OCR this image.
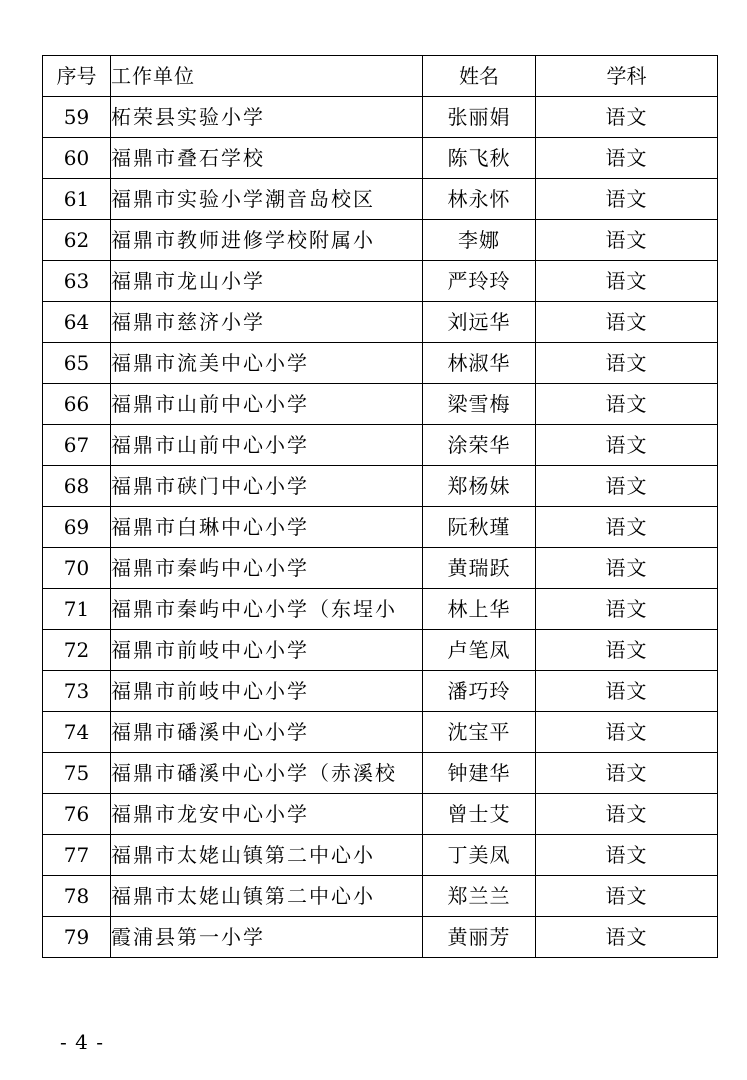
序号	工作单位	姓名	学科
59	柘荣县实验小学	张丽娟	语文
60	福鼎市叠石学校	陈飞秋	语文
61	福鼎市实验小学潮音岛校区	林永怀	语文
62	福鼎市教师进修学校附属小	李娜	语文
63	福鼎市龙山小学	严玲玲	语文
64	福鼎市慈济小学	刘远华	语文
65	福鼎市流美中心小学	林淑华	语文
66	福鼎市山前中心小学	梁雪梅	语文
67	福鼎市山前中心小学	涂荣华	语文
68	福鼎市硖门中心小学	郑杨妹	语文
69	福鼎市白琳中心小学	阮秋瑾	语文
70	福鼎市秦屿中心小学	黄瑞跃	语文
71	福鼎市秦屿中心小学（东埕小	林上华	语文
72	福鼎市前岐中心小学	卢笔凤	语文
73	福鼎市前岐中心小学	潘巧玲	语文
74	福鼎市磻溪中心小学	沈宝平	语文
75	福鼎市磻溪中心小学（赤溪校	钟建华	语文
76	福鼎市龙安中心小学	曾士艾	语文
77	福鼎市太姥山镇第二中心小	丁美凤	语文
78	福鼎市太姥山镇第二中心小	郑兰兰	语文
79	霞浦县第一小学	黄丽芳	语文
- 4 -
